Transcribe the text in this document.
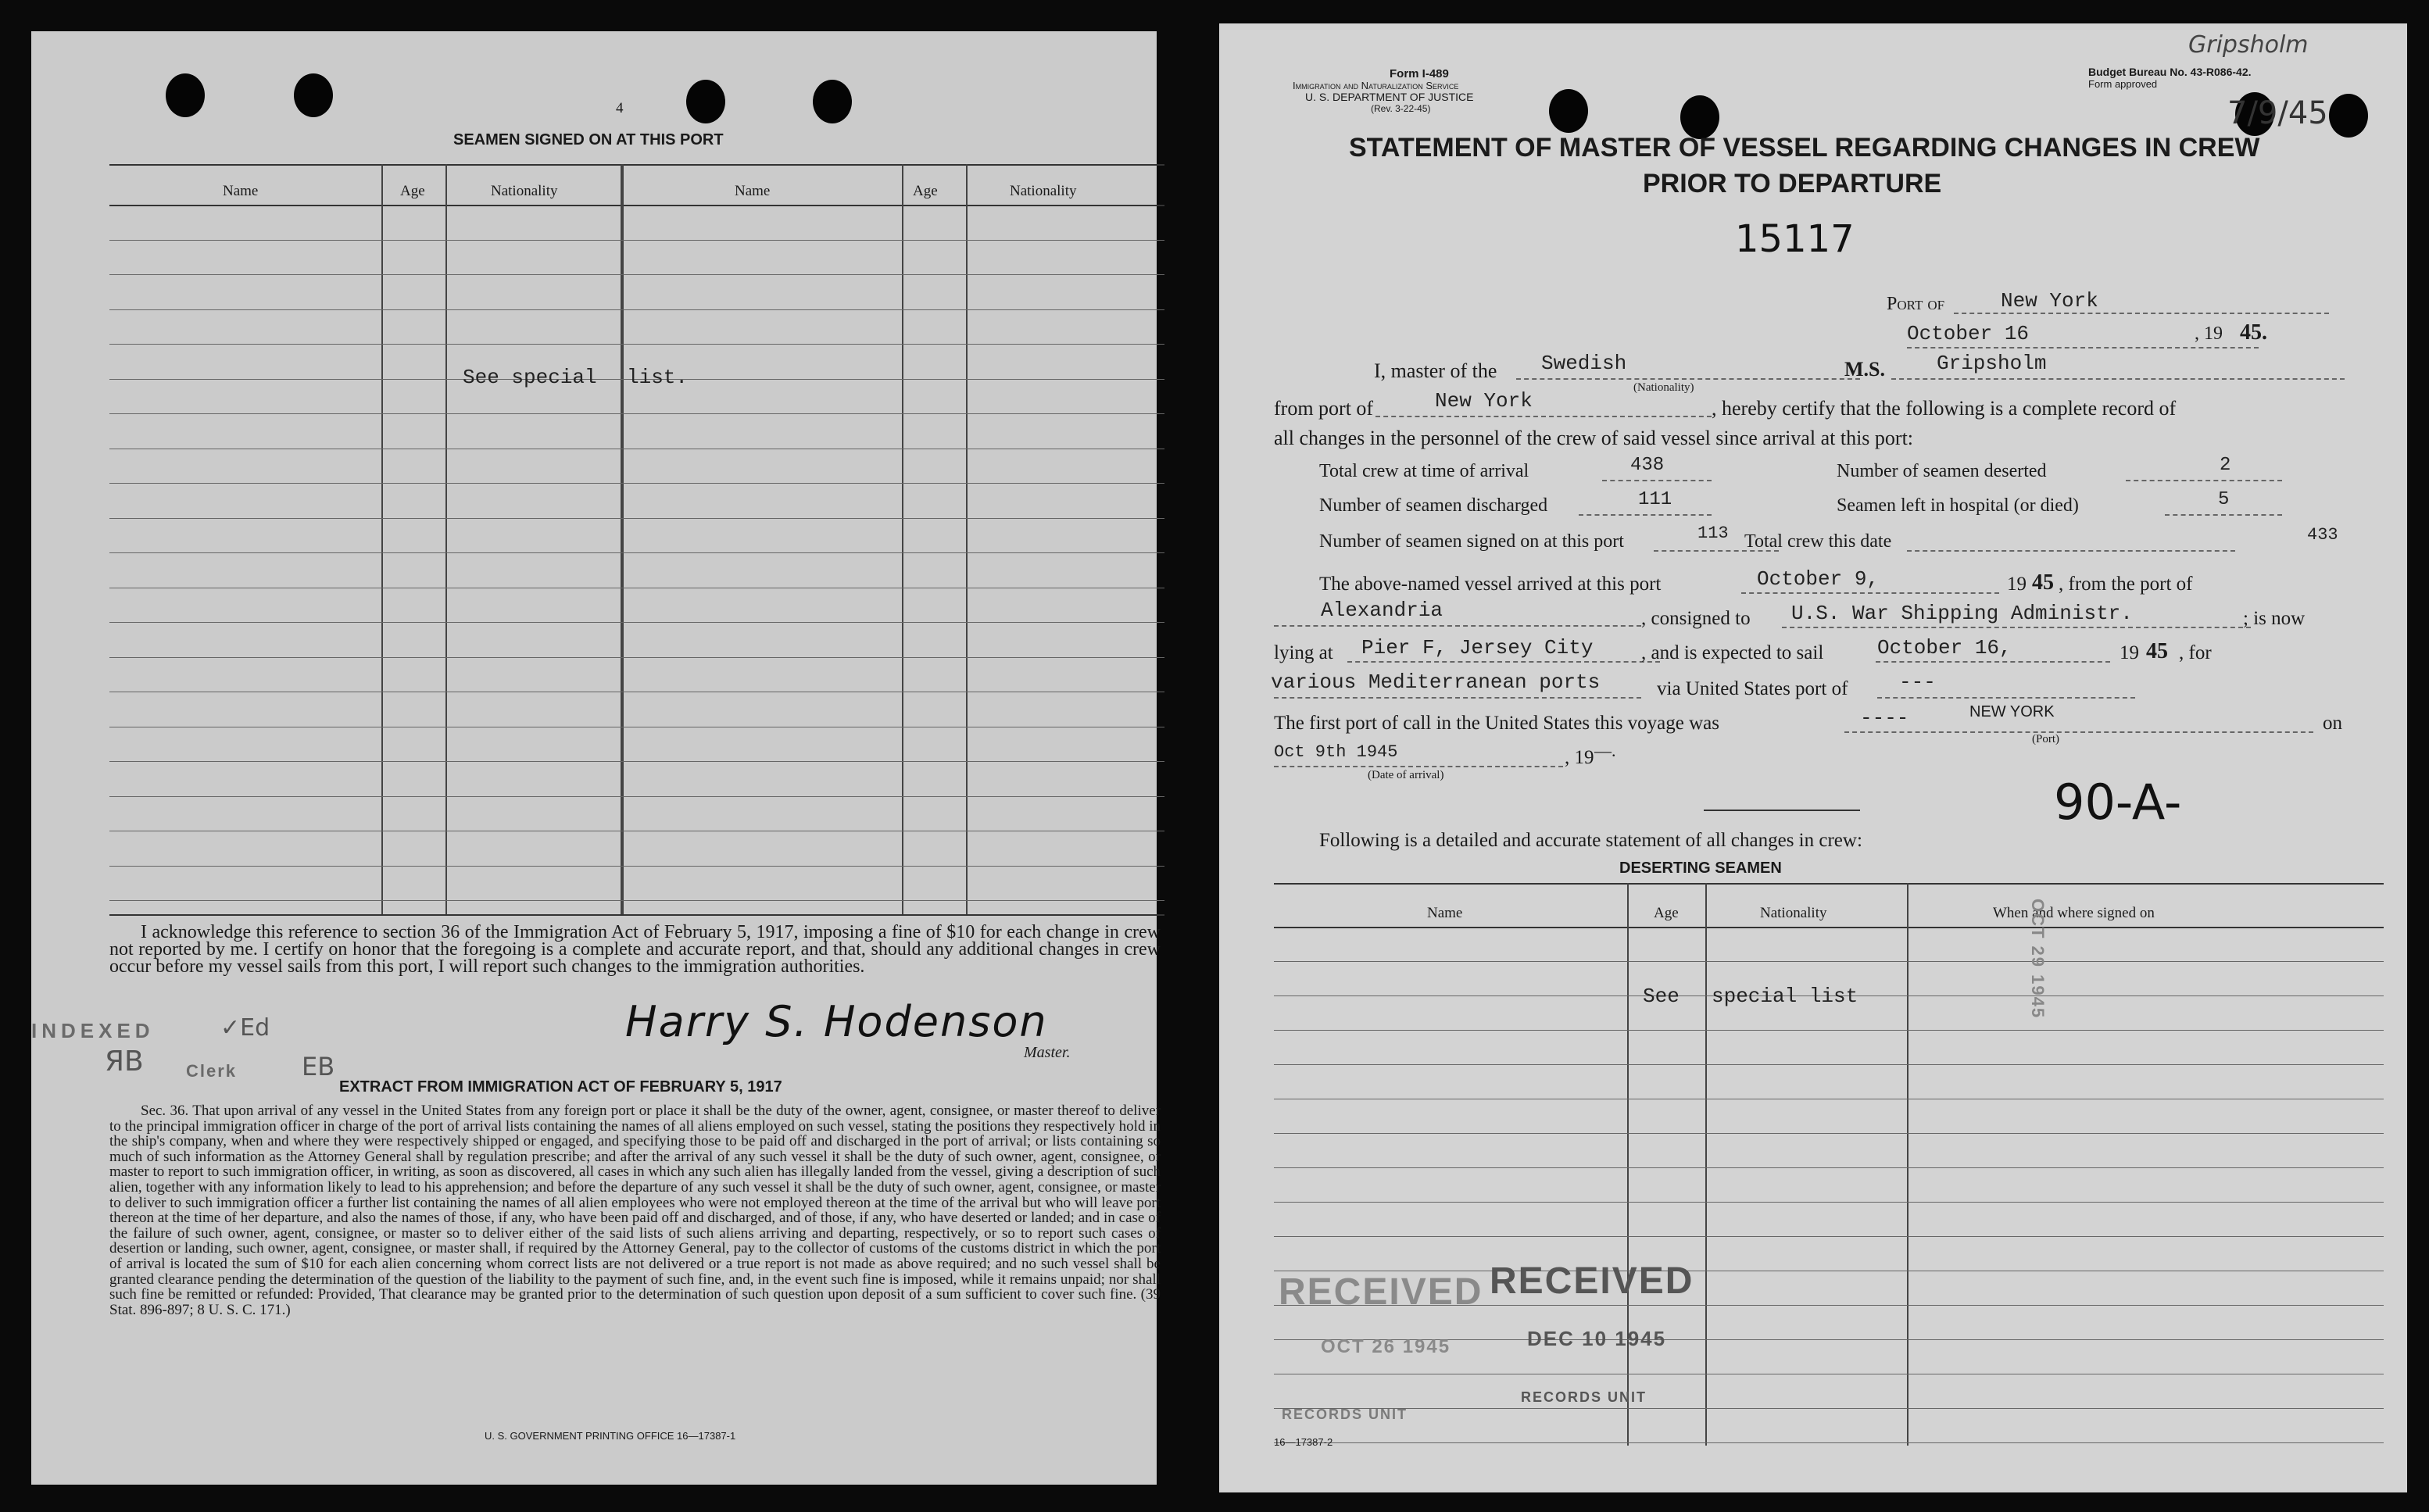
4
SEAMEN SIGNED ON AT THIS PORT
Name	Age	Nationality	Name	Age	Nationality
See special list.
I acknowledge this reference to section 36 of the Immigration Act of February 5, 1917, imposing a fine of $10 for each change in crew not reported by me. I certify on honor that the foregoing is a complete and accurate report, and that, should any additional changes in crew occur before my vessel sails from this port, I will report such changes to the immigration authorities.
INDEXED	✓Ed
ЯB Clerk	EB
Harry S. Hodenson
Master.
EXTRACT FROM IMMIGRATION ACT OF FEBRUARY 5, 1917
Sec. 36. That upon arrival of any vessel in the United States from any foreign port or place it shall be the duty of the owner, agent, consignee, or master thereof to deliver to the principal immigration officer in charge of the port of arrival lists containing the names of all aliens employed on such vessel, stating the positions they respectively hold in the ship's company, when and where they were respectively shipped or engaged, and specifying those to be paid off and discharged in the port of arrival; or lists containing so much of such information as the Attorney General shall by regulation prescribe; and after the arrival of any such vessel it shall be the duty of such owner, agent, consignee, or master to report to such immigration officer, in writing, as soon as discovered, all cases in which any such alien has illegally landed from the vessel, giving a description of such alien, together with any information likely to lead to his apprehension; and before the departure of any such vessel it shall be the duty of such owner, agent, consignee, or master to deliver to such immigration officer a further list containing the names of all alien employees who were not employed thereon at the time of the arrival but who will leave port thereon at the time of her departure, and also the names of those, if any, who have been paid off and discharged, and of those, if any, who have deserted or landed; and in case of the failure of such owner, agent, consignee, or master so to deliver either of the said lists of such aliens arriving and departing, respectively, or so to report such cases of desertion or landing, such owner, agent, consignee, or master shall, if required by the Attorney General, pay to the collector of customs of the customs district in which the port of arrival is located the sum of $10 for each alien concerning whom correct lists are not delivered or a true report is not made as above required; and no such vessel shall be granted clearance pending the determination of the question of the liability to the payment of such fine, and, in the event such fine is imposed, while it remains unpaid; nor shall such fine be remitted or refunded: Provided, That clearance may be granted prior to the determination of such question upon deposit of a sum sufficient to cover such fine. (39 Stat. 896-897; 8 U. S. C. 171.)
U. S. GOVERNMENT PRINTING OFFICE 16—17387-1
Form I-489
Immigration and Naturalization Service
U. S. DEPARTMENT OF JUSTICE
(Rev. 3-22-45)
Budget Bureau No. 43-R086-42.
Form approved
Gripsholm
7/9/45
STATEMENT OF MASTER OF VESSEL REGARDING CHANGES IN CREW
PRIOR TO DEPARTURE
15117
Port of	New York
October 16	, 19 45.
I, master of the Swedish
(Nationality)
M.S.	Gripsholm
from port of	New York	, hereby certify that the following is a complete record of
all changes in the personnel of the crew of said vessel since arrival at this port:
Total crew at time of arrival	438	Number of seamen deserted	2
Number of seamen discharged	111	Seamen left in hospital (or died)	5
Number of seamen signed on at this port	113 Total crew this date	433
The above-named vessel arrived at this port	October 9,	19 45 , from the port of
Alexandria	, consigned to U.S. War Shipping Administr.	; is now
lying at Pier F, Jersey City , and is expected to sail	October 16,	19 45 , for
various Mediterranean ports	via United States port of	---
The first port of call in the United States this voyage was	----	NEW YORK
(Port)
on
Oct 9th 1945	, 19 —.
(Date of arrival)	90-A-
Following is a detailed and accurate statement of all changes in crew:
DESERTING SEAMEN
Name	Age	Nationality	When and where signed on
See special list
RECEIVED RECEIVED
OCT 26 1945	DEC 10 1945
RECORDS UNIT
RECORDS UNIT
OCT 29 1945
16—17387-2
